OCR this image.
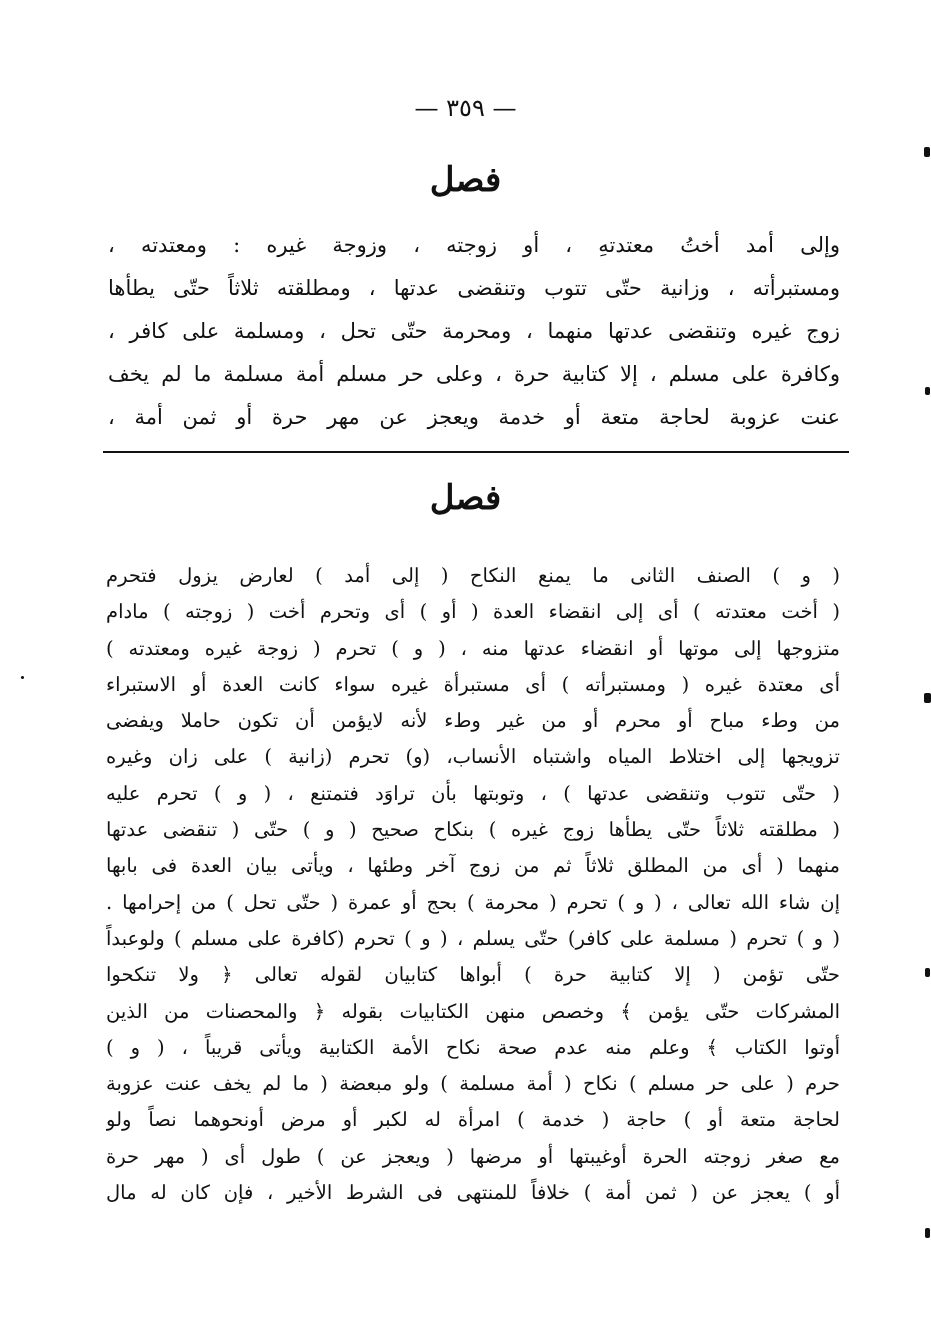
— ٣٥٩ —
فصل
وإلى أمد أختُ معتدتهِ ، أو زوجته ، وزوجة غيره : ومعتدته ،
ومستبرأته ، وزانية حتّى تتوب وتنقضى عدتها ، ومطلقته ثلاثاً حتّى يطأها
زوج غيره وتنقضى عدتها منهما ، ومحرمة حتّى تحل ، ومسلمة على كافر ،
وكافرة على مسلم ، إلا كتابية حرة ، وعلى حر مسلم أمة مسلمة ما لم يخف
عنت عزوبة لحاجة متعة أو خدمة ويعجز عن مهر حرة أو ثمن أمة ،
فصل
( و ) الصنف الثانى ما يمنع النكاح ( إلى أمد ) لعارض يزول فتحرم
( أخت معتدته ) أى إلى انقضاء العدة ( أو ) أى وتحرم أخت ( زوجته ) مادام
متزوجها إلى موتها أو انقضاء عدتها منه ، ( و ) تحرم ( زوجة غيره ومعتدته )
أى معتدة غيره ( ومستبرأته ) أى مستبرأة غيره سواء كانت العدة أو الاستبراء
من وطء مباح أو محرم أو من غير وطء لأنه لايؤمن أن تكون حاملا ويفضى
تزويجها إلى اختلاط المياه واشتباه الأنساب، (و) تحرم (زانية ) على زان وغيره
( حتّى تتوب وتنقضى عدتها ) ، وتوبتها بأن تراوَد فتمتنع ، ( و ) تحرم عليه
( مطلقته ثلاثاً حتّى يطأها زوج غيره ) بنكاح صحيح ( و ) حتّى ( تنقضى عدتها
منهما ( أى من المطلق ثلاثاً ثم من زوج آخر وطئها ، ويأتى بيان العدة فى بابها
إن شاء الله تعالى ، ( و ) تحرم ( محرمة ) بحج أو عمرة ( حتّى تحل ) من إحرامها .
( و ) تحرم ( مسلمة على كافر) حتّى يسلم ، ( و ) تحرم (كافرة على مسلم ) ولوعبداً
حتّى تؤمن ( إلا كتابية حرة ) أبواها كتابيان لقوله تعالى ﴿ ولا تنكحوا
المشركات حتّى يؤمن ﴾ وخصص منهن الكتابيات بقوله ﴿ والمحصنات من الذين
أوتوا الكتاب ﴾ وعلم منه عدم صحة نكاح الأمة الكتابية ويأتى قريباً ، ( و )
حرم ( على حر مسلم ) نكاح ( أمة مسلمة ) ولو مبعضة ( ما لم يخف عنت عزوبة
لحاجة متعة أو ) حاجة ( خدمة ) امرأة له لكبر أو مرض أونحوهما نصاً ولو
مع صغر زوجته الحرة أوغيبتها أو مرضها ( ويعجز عن ) طول أى ( مهر حرة
أو ) يعجز عن ( ثمن أمة ) خلافاً للمنتهى فى الشرط الأخير ، فإن كان له مال
